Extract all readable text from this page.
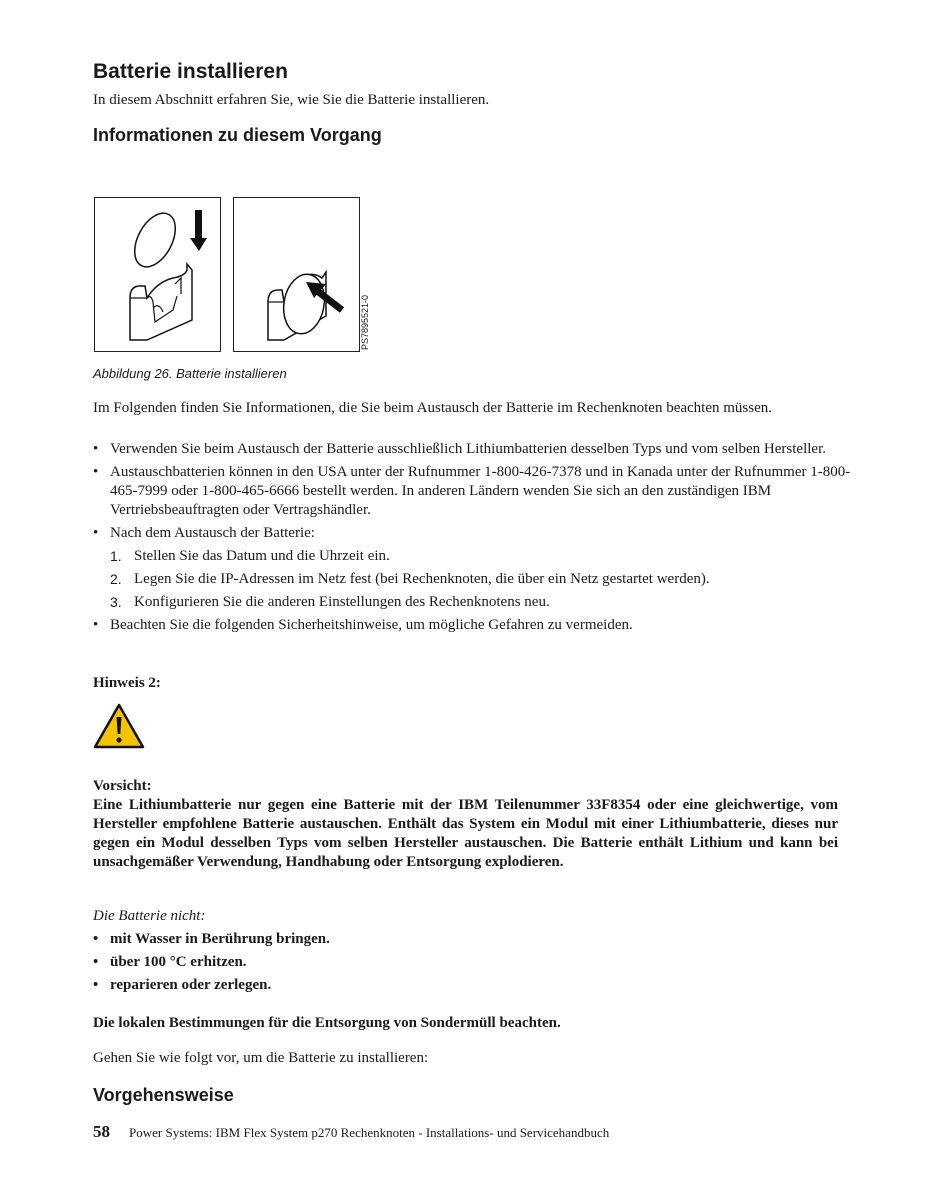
Batterie installieren

In diesem Abschnitt erfahren Sie, wie Sie die Batterie installieren.

Informationen zu diesem Vorgang
PS7895521-0
Abbildung 26. Batterie installieren

Im Folgenden finden Sie Informationen, die Sie beim Austausch der Batterie im Rechenknoten beachten müssen.

• Verwenden Sie beim Austausch der Batterie ausschließlich Lithiumbatterien desselben Typs und vom selben Hersteller.
• Austauschbatterien können in den USA unter der Rufnummer 1-800-426-7378 und in Kanada unter der Rufnummer 1-800-465-7999 oder 1-800-465-6666 bestellt werden. In anderen Ländern wenden Sie sich an den zuständigen IBM Vertriebsbeauftragten oder Vertragshändler.
• Nach dem Austausch der Batterie:
1. Stellen Sie das Datum und die Uhrzeit ein.
2. Legen Sie die IP-Adressen im Netz fest (bei Rechenknoten, die über ein Netz gestartet werden).
3. Konfigurieren Sie die anderen Einstellungen des Rechenknotens neu.
• Beachten Sie die folgenden Sicherheitshinweise, um mögliche Gefahren zu vermeiden.

Hinweis 2:

Vorsicht:

Eine Lithiumbatterie nur gegen eine Batterie mit der IBM Teilenummer 33F8354 oder eine gleichwertige, vom Hersteller empfohlene Batterie austauschen. Enthält das System ein Modul mit einer Lithiumbatterie, dieses nur gegen ein Modul desselben Typs vom selben Hersteller austauschen. Die Batterie enthält Lithium und kann bei unsachgemäßer Verwendung, Handhabung oder Entsorgung explodieren.

Die Batterie nicht:

• mit Wasser in Berührung bringen.
• über 100 °C erhitzen.
• reparieren oder zerlegen.

Die lokalen Bestimmungen für die Entsorgung von Sondermüll beachten.

Gehen Sie wie folgt vor, um die Batterie zu installieren:

Vorgehensweise
58 Power Systems: IBM Flex System p270 Rechenknoten - Installations- und Servicehandbuch
